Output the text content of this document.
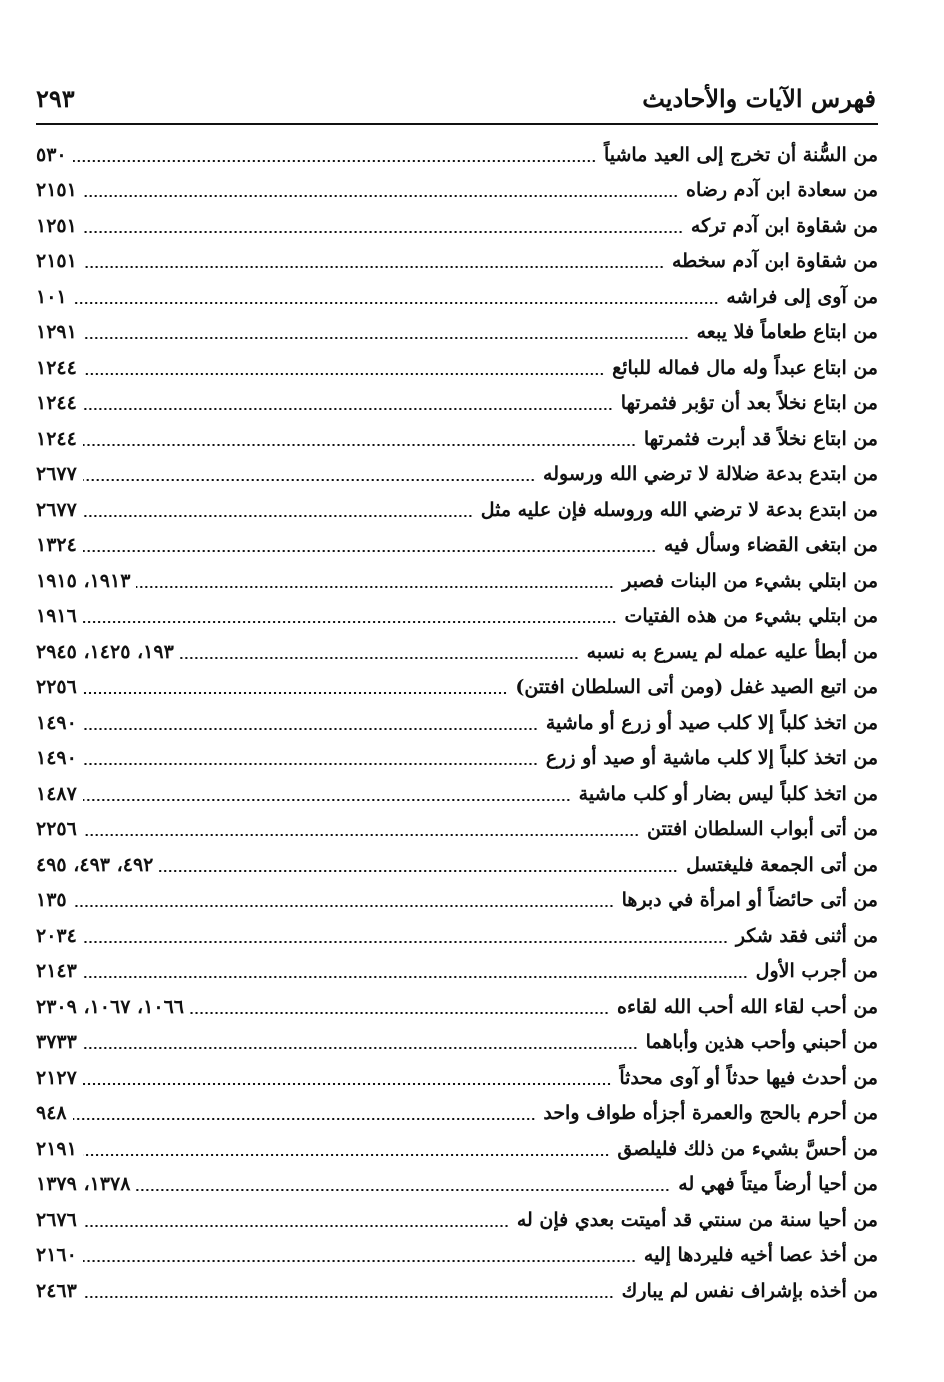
فهرس الآيات والأحاديث
٢٩٣
من السُّنة أن تخرج إلى العيد ماشياً
٥٣٠
من سعادة ابن آدم رضاه
٢١٥١
من شقاوة ابن آدم تركه
١٢٥١
من شقاوة ابن آدم سخطه
٢١٥١
من آوى إلى فراشه
١٠١
من ابتاع طعاماً فلا يبعه
١٢٩١
من ابتاع عبداً وله مال فماله للبائع
١٢٤٤
من ابتاع نخلاً بعد أن تؤبر فثمرتها
١٢٤٤
من ابتاع نخلاً قد أبرت فثمرتها
١٢٤٤
من ابتدع بدعة ضلالة لا ترضي الله ورسوله
٢٦٧٧
من ابتدع بدعة لا ترضي الله وروسله فإن عليه مثل
٢٦٧٧
من ابتغى القضاء وسأل فيه
١٣٢٤
من ابتلي بشيء من البنات فصبر
١٩١٣، ١٩١٥
من ابتلي بشيء من هذه الفتيات
١٩١٦
من أبطأ عليه عمله لم يسرع به نسبه
١٩٣، ١٤٢٥، ٢٩٤٥
من اتبع الصيد غفل (ومن أتى السلطان افتتن)
٢٢٥٦
من اتخذ كلباً إلا كلب صيد أو زرع أو ماشية
١٤٩٠
من اتخذ كلباً إلا كلب ماشية أو صيد أو زرع
١٤٩٠
من اتخذ كلباً ليس بضار أو كلب ماشية
١٤٨٧
من أتى أبواب السلطان افتتن
٢٢٥٦
من أتى الجمعة فليغتسل
٤٩٢، ٤٩٣، ٤٩٥
من أتى حائضاً أو امرأة في دبرها
١٣٥
من أثنى فقد شكر
٢٠٣٤
من أجرب الأول
٢١٤٣
من أحب لقاء الله أحب الله لقاءه
١٠٦٦، ١٠٦٧، ٢٣٠٩
من أحبني وأحب هذين وأباهما
٣٧٣٣
من أحدث فيها حدثاً أو آوى محدثاً
٢١٢٧
من أحرم بالحج والعمرة أجزأه طواف واحد
٩٤٨
من أحسَّ بشيء من ذلك فليلصق
٢١٩١
من أحيا أرضاً ميتاً فهي له
١٣٧٨، ١٣٧٩
من أحيا سنة من سنتي قد أميتت بعدي فإن له
٢٦٧٦
من أخذ عصا أخيه فليردها إليه
٢١٦٠
من أخذه بإشراف نفس لم يبارك
٢٤٦٣
